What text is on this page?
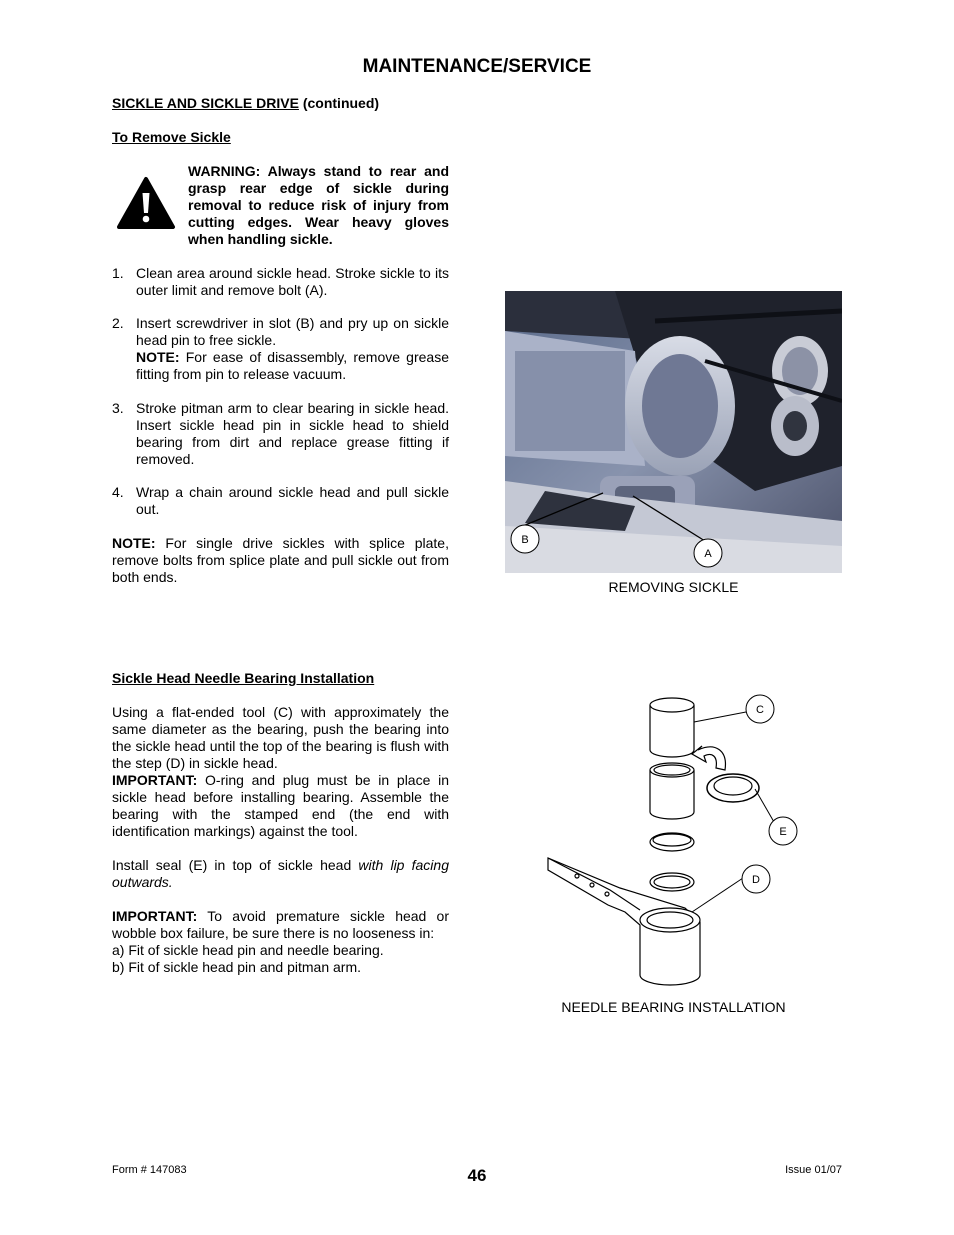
MAINTENANCE/SERVICE
SICKLE AND SICKLE DRIVE (continued)
To Remove Sickle
WARNING: Always stand to rear and grasp rear edge of sickle during removal to reduce risk of injury from cutting edges. Wear heavy gloves when handling sickle.
1. Clean area around sickle head. Stroke sickle to its outer limit and remove bolt (A).
2. Insert screwdriver in slot (B) and pry up on sickle head pin to free sickle.
NOTE: For ease of disassembly, remove grease fitting from pin to release vacuum.
3. Stroke pitman arm to clear bearing in sickle head. Insert sickle head pin in sickle head to shield bearing from dirt and replace grease fitting if removed.
4. Wrap a chain around sickle head and pull sickle out.
NOTE: For single drive sickles with splice plate, remove bolts from splice plate and pull sickle out from both ends.
B
A
REMOVING SICKLE
Sickle Head Needle Bearing Installation
Using a flat-ended tool (C) with approximately the same diameter as the bearing, push the bearing into the sickle head until the top of the bearing is flush with the step (D) in sickle head.
IMPORTANT: O-ring and plug must be in place in sickle head before installing bearing. Assemble the bearing with the stamped end (the end with identification markings) against the tool.
Install seal (E) in top of sickle head with lip facing outwards.
IMPORTANT: To avoid premature sickle head or wobble box failure, be sure there is no looseness in:
a) Fit of sickle head pin and needle bearing.
b) Fit of sickle head pin and pitman arm.
C
E
D
NEEDLE BEARING INSTALLATION
Form # 147083	46	Issue 01/07
